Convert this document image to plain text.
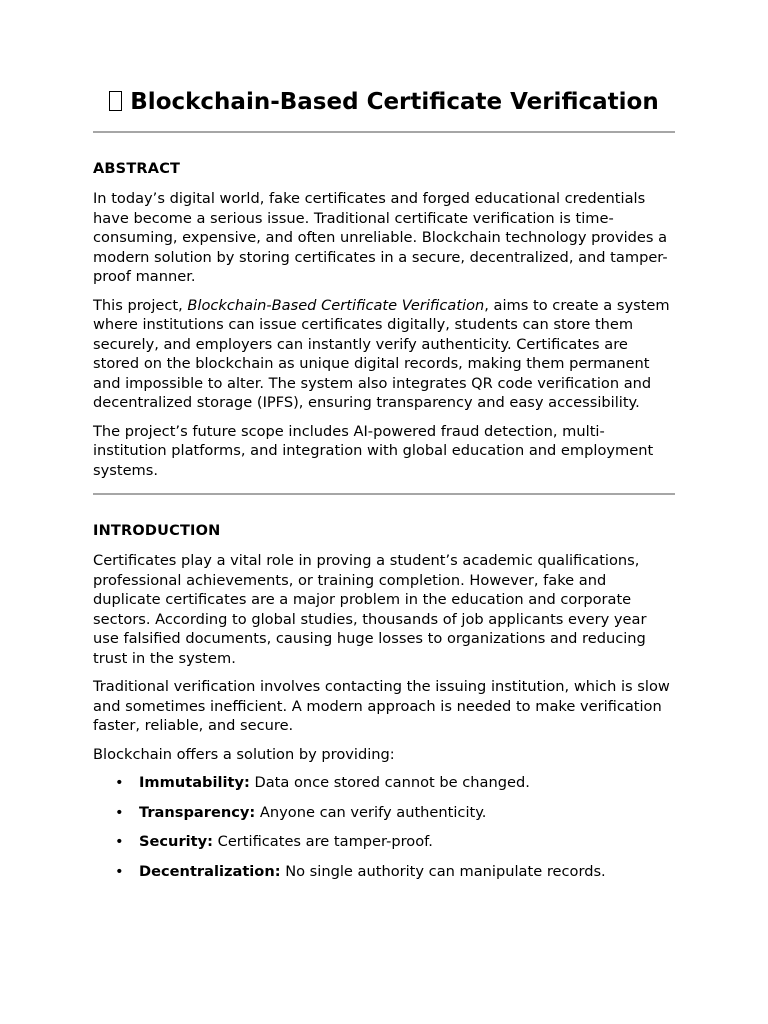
Blockchain-Based Certificate Verification
ABSTRACT

In today’s digital world, fake certificates and forged educational credentials have become a serious issue. Traditional certificate verification is time-consuming, expensive, and often unreliable. Blockchain technology provides a modern solution by storing certificates in a secure, decentralized, and tamper-proof manner.

This project, Blockchain-Based Certificate Verification, aims to create a system where institutions can issue certificates digitally, students can store them securely, and employers can instantly verify authenticity. Certificates are stored on the blockchain as unique digital records, making them permanent and impossible to alter. The system also integrates QR code verification and decentralized storage (IPFS), ensuring transparency and easy accessibility.

The project’s future scope includes AI-powered fraud detection, multi-institution platforms, and integration with global education and employment systems.

INTRODUCTION

Certificates play a vital role in proving a student’s academic qualifications, professional achievements, or training completion. However, fake and duplicate certificates are a major problem in the education and corporate sectors. According to global studies, thousands of job applicants every year use falsified documents, causing huge losses to organizations and reducing trust in the system.

Traditional verification involves contacting the issuing institution, which is slow and sometimes inefficient. A modern approach is needed to make verification faster, reliable, and secure.

Blockchain offers a solution by providing:

• Immutability: Data once stored cannot be changed.
• Transparency: Anyone can verify authenticity.
• Security: Certificates are tamper-proof.
• Decentralization: No single authority can manipulate records.
